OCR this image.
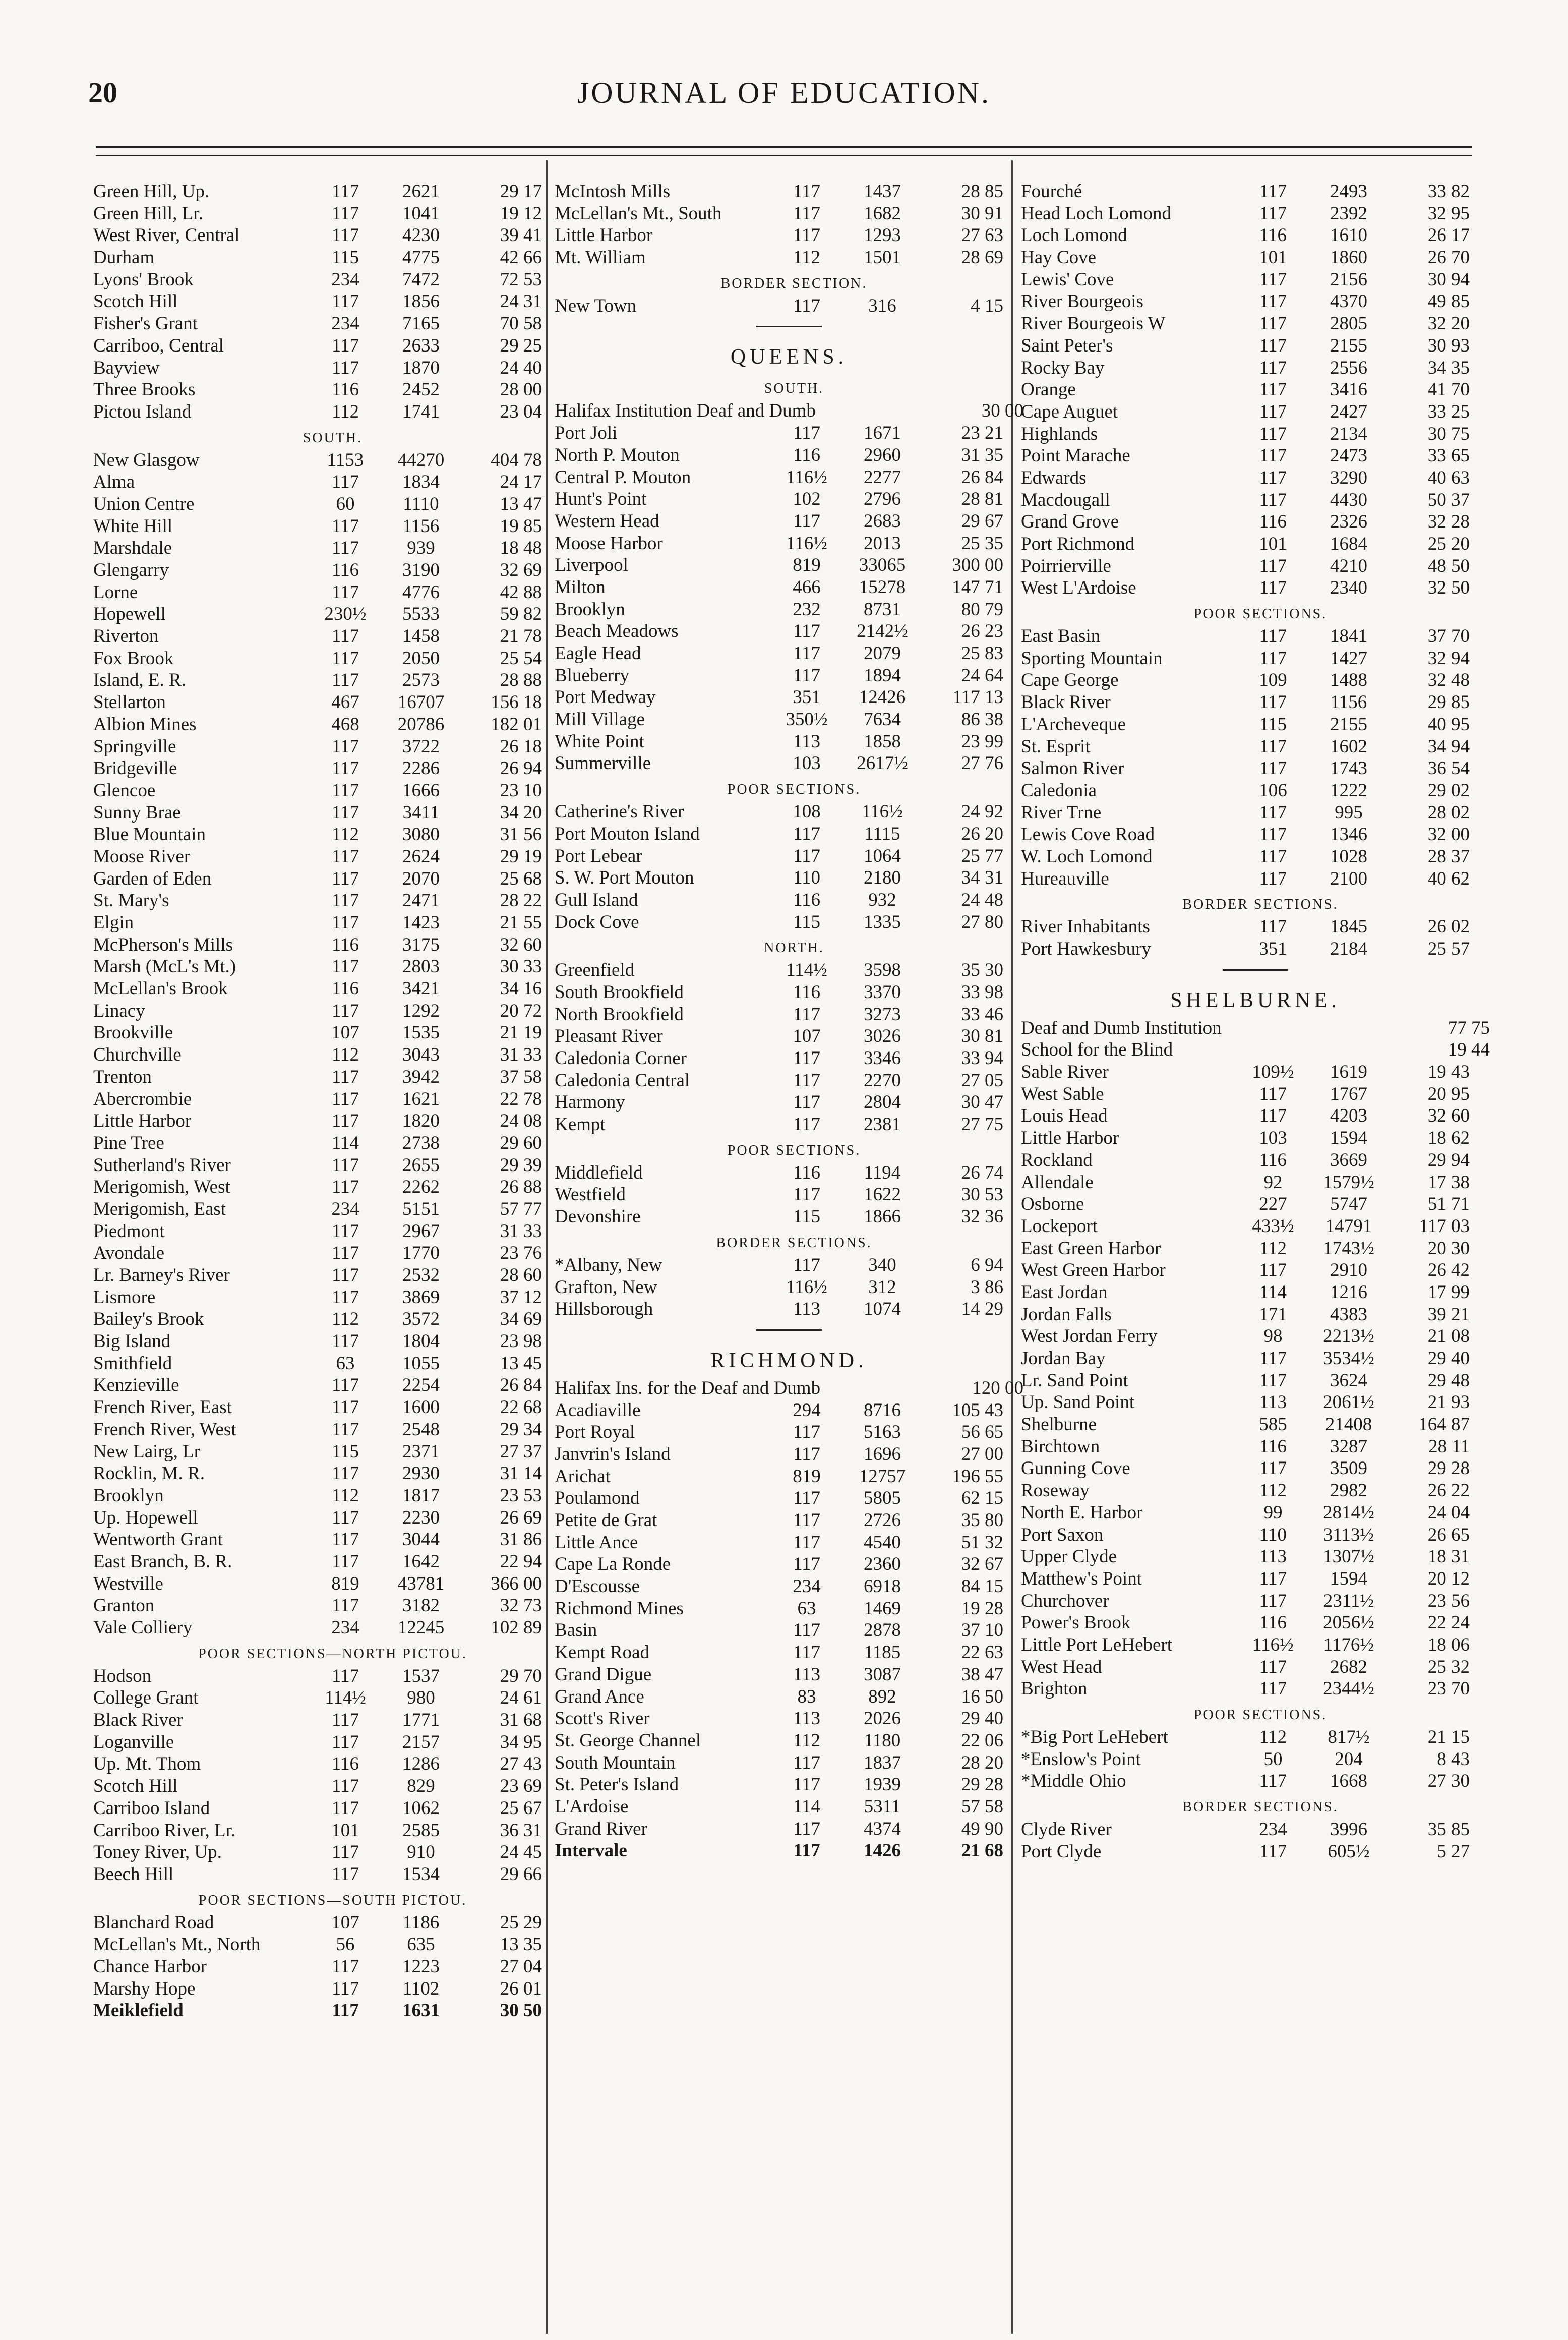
20	JOURNAL OF EDUCATION.
Green Hill, Up.	117	2621	29 17
Green Hill, Lr.	117	1041	19 12
West River, Central	117	4230	39 41
Durham	115	4775	42 66
Lyons' Brook	234	7472	72 53
Scotch Hill	117	1856	24 31
Fisher's Grant	234	7165	70 58
Carriboo, Central	117	2633	29 25
Bayview	117	1870	24 40
Three Brooks	116	2452	28 00
Pictou Island	112	1741	23 04
SOUTH.
New Glasgow	1153	44270	404 78
Alma	117	1834	24 17
Union Centre	60	1110	13 47
White Hill	117	1156	19 85
Marshdale	117	939	18 48
Glengarry	116	3190	32 69
Lorne	117	4776	42 88
Hopewell	230½	5533	59 82
Riverton	117	1458	21 78
Fox Brook	117	2050	25 54
Island, E. R.	117	2573	28 88
Stellarton	467	16707	156 18
Albion Mines	468	20786	182 01
Springville	117	3722	26 18
Bridgeville	117	2286	26 94
Glencoe	117	1666	23 10
Sunny Brae	117	3411	34 20
Blue Mountain	112	3080	31 56
Moose River	117	2624	29 19
Garden of Eden	117	2070	25 68
St. Mary's	117	2471	28 22
Elgin	117	1423	21 55
McPherson's Mills	116	3175	32 60
Marsh (McL's Mt.)	117	2803	30 33
McLellan's Brook	116	3421	34 16
Linacy	117	1292	20 72
Brookville	107	1535	21 19
Churchville	112	3043	31 33
Trenton	117	3942	37 58
Abercrombie	117	1621	22 78
Little Harbor	117	1820	24 08
Pine Tree	114	2738	29 60
Sutherland's River	117	2655	29 39
Merigomish, West	117	2262	26 88
Merigomish, East	234	5151	57 77
Piedmont	117	2967	31 33
Avondale	117	1770	23 76
Lr. Barney's River	117	2532	28 60
Lismore	117	3869	37 12
Bailey's Brook	112	3572	34 69
Big Island	117	1804	23 98
Smithfield	63	1055	13 45
Kenzieville	117	2254	26 84
French River, East	117	1600	22 68
French River, West	117	2548	29 34
New Lairg, Lr	115	2371	27 37
Rocklin, M. R.	117	2930	31 14
Brooklyn	112	1817	23 53
Up. Hopewell	117	2230	26 69
Wentworth Grant	117	3044	31 86
East Branch, B. R.	117	1642	22 94
Westville	819	43781	366 00
Granton	117	3182	32 73
Vale Colliery	234	12245	102 89
POOR SECTIONS—NORTH PICTOU.
Hodson	117	1537	29 70
College Grant	114½	980	24 61
Black River	117	1771	31 68
Loganville	117	2157	34 95
Up. Mt. Thom	116	1286	27 43
Scotch Hill	117	829	23 69
Carriboo Island	117	1062	25 67
Carriboo River, Lr.	101	2585	36 31
Toney River, Up.	117	910	24 45
Beech Hill	117	1534	29 66
POOR SECTIONS—SOUTH PICTOU.
Blanchard Road	107	1186	25 29
McLellan's Mt., North	56	635	13 35
Chance Harbor	117	1223	27 04
Marshy Hope	117	1102	26 01
Meiklefield	117	1631	30 50
McIntosh Mills	117	1437	28 85
McLellan's Mt., South	117	1682	30 91
Little Harbor	117	1293	27 63
Mt. William	112	1501	28 69
BORDER SECTION.
New Town	117	316	4 15
QUEENS.
SOUTH.
Halifax Institution Deaf and Dumb	30 00
Port Joli	117	1671	23 21
North P. Mouton	116	2960	31 35
Central P. Mouton	116½	2277	26 84
Hunt's Point	102	2796	28 81
Western Head	117	2683	29 67
Moose Harbor	116½	2013	25 35
Liverpool	819	33065	300 00
Milton	466	15278	147 71
Brooklyn	232	8731	80 79
Beach Meadows	117	2142½	26 23
Eagle Head	117	2079	25 83
Blueberry	117	1894	24 64
Port Medway	351	12426	117 13
Mill Village	350½	7634	86 38
White Point	113	1858	23 99
Summerville	103	2617½	27 76
POOR SECTIONS.
Catherine's River	108	116½	24 92
Port Mouton Island	117	1115	26 20
Port Lebear	117	1064	25 77
S. W. Port Mouton	110	2180	34 31
Gull Island	116	932	24 48
Dock Cove	115	1335	27 80
NORTH.
Greenfield	114½	3598	35 30
South Brookfield	116	3370	33 98
North Brookfield	117	3273	33 46
Pleasant River	107	3026	30 81
Caledonia Corner	117	3346	33 94
Caledonia Central	117	2270	27 05
Harmony	117	2804	30 47
Kempt	117	2381	27 75
POOR SECTIONS.
Middlefield	116	1194	26 74
Westfield	117	1622	30 53
Devonshire	115	1866	32 36
BORDER SECTIONS.
*Albany, New	117	340	6 94
Grafton, New	116½	312	3 86
Hillsborough	113	1074	14 29
RICHMOND.
Halifax Ins. for the Deaf and Dumb	120 00
Acadiaville	294	8716	105 43
Port Royal	117	5163	56 65
Janvrin's Island	117	1696	27 00
Arichat	819	12757	196 55
Poulamond	117	5805	62 15
Petite de Grat	117	2726	35 80
Little Ance	117	4540	51 32
Cape La Ronde	117	2360	32 67
D'Escousse	234	6918	84 15
Richmond Mines	63	1469	19 28
Basin	117	2878	37 10
Kempt Road	117	1185	22 63
Grand Digue	113	3087	38 47
Grand Ance	83	892	16 50
Scott's River	113	2026	29 40
St. George Channel	112	1180	22 06
South Mountain	117	1837	28 20
St. Peter's Island	117	1939	29 28
L'Ardoise	114	5311	57 58
Grand River	117	4374	49 90
Intervale	117	1426	21 68
Fourché	117	2493	33 82
Head Loch Lomond	117	2392	32 95
Loch Lomond	116	1610	26 17
Hay Cove	101	1860	26 70
Lewis' Cove	117	2156	30 94
River Bourgeois	117	4370	49 85
River Bourgeois W	117	2805	32 20
Saint Peter's	117	2155	30 93
Rocky Bay	117	2556	34 35
Orange	117	3416	41 70
Cape Auguet	117	2427	33 25
Highlands	117	2134	30 75
Point Marache	117	2473	33 65
Edwards	117	3290	40 63
Macdougall	117	4430	50 37
Grand Grove	116	2326	32 28
Port Richmond	101	1684	25 20
Poirrierville	117	4210	48 50
West L'Ardoise	117	2340	32 50
POOR SECTIONS.
East Basin	117	1841	37 70
Sporting Mountain	117	1427	32 94
Cape George	109	1488	32 48
Black River	117	1156	29 85
L'Archeveque	115	2155	40 95
St. Esprit	117	1602	34 94
Salmon River	117	1743	36 54
Caledonia	106	1222	29 02
River Trne	117	995	28 02
Lewis Cove Road	117	1346	32 00
W. Loch Lomond	117	1028	28 37
Hureauville	117	2100	40 62
BORDER SECTIONS.
River Inhabitants	117	1845	26 02
Port Hawkesbury	351	2184	25 57
SHELBURNE.
Deaf and Dumb Institution	77 75
School for the Blind	19 44
Sable River	109½	1619	19 43
West Sable	117	1767	20 95
Louis Head	117	4203	32 60
Little Harbor	103	1594	18 62
Rockland	116	3669	29 94
Allendale	92	1579½	17 38
Osborne	227	5747	51 71
Lockeport	433½	14791	117 03
East Green Harbor	112	1743½	20 30
West Green Harbor	117	2910	26 42
East Jordan	114	1216	17 99
Jordan Falls	171	4383	39 21
West Jordan Ferry	98	2213½	21 08
Jordan Bay	117	3534½	29 40
Lr. Sand Point	117	3624	29 48
Up. Sand Point	113	2061½	21 93
Shelburne	585	21408	164 87
Birchtown	116	3287	28 11
Gunning Cove	117	3509	29 28
Roseway	112	2982	26 22
North E. Harbor	99	2814½	24 04
Port Saxon	110	3113½	26 65
Upper Clyde	113	1307½	18 31
Matthew's Point	117	1594	20 12
Churchover	117	2311½	23 56
Power's Brook	116	2056½	22 24
Little Port LeHebert	116½	1176½	18 06
West Head	117	2682	25 32
Brighton	117	2344½	23 70
POOR SECTIONS.
*Big Port LeHebert	112	817½	21 15
*Enslow's Point	50	204	8 43
*Middle Ohio	117	1668	27 30
BORDER SECTIONS.
Clyde River	234	3996	35 85
Port Clyde	117	605½	5 27
